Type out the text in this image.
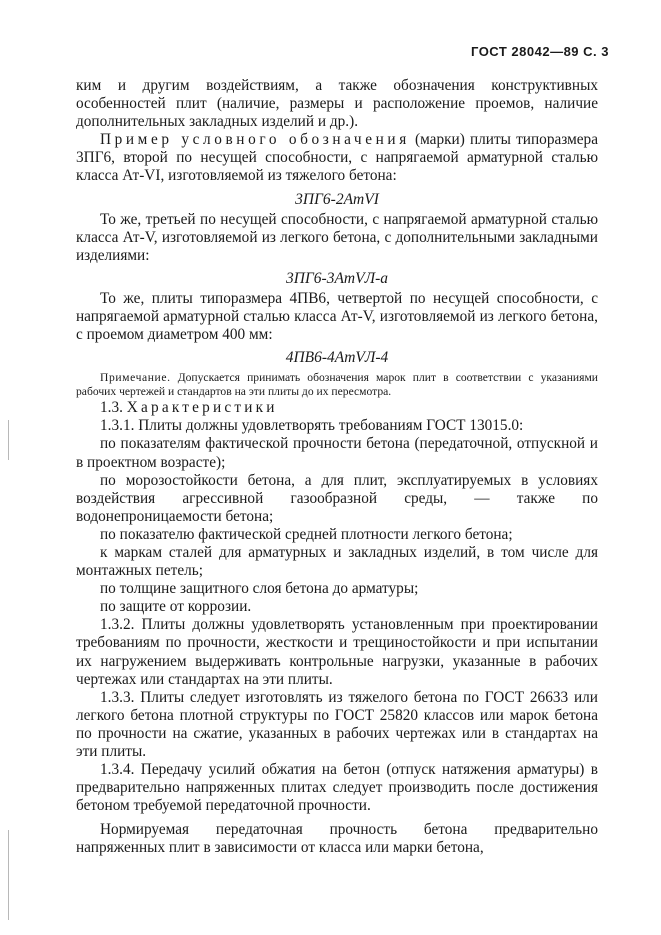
ГОСТ 28042—89 С. 3

ким и другим воздействиям, а также обозначения конструктивных особенностей плит (наличие, размеры и расположение проемов, наличие дополнительных закладных изделий и др.).

Пример условного обозначения (марки) плиты типоразмера 3ПГ6, второй по несущей способности, с напрягаемой арматурной сталью класса Ат-VI, изготовляемой из тяжелого бетона:

3ПГ6-2АтVI

То же, третьей по несущей способности, с напрягаемой арматурной сталью класса Ат-V, изготовляемой из легкого бетона, с дополнительными закладными изделиями:

3ПГ6-3АтVЛ-а

То же, плиты типоразмера 4ПВ6, четвертой по несущей способности, с напрягаемой арматурной сталью класса Ат-V, изготовляемой из легкого бетона, с проемом диаметром 400 мм:

4ПВ6-4АтVЛ-4

Примечание. Допускается принимать обозначения марок плит в соответствии с указаниями рабочих чертежей и стандартов на эти плиты до их пересмотра.

1.3. Характеристики

1.3.1. Плиты должны удовлетворять требованиям ГОСТ 13015.0:

по показателям фактической прочности бетона (передаточной, отпускной и в проектном возрасте);

по морозостойкости бетона, а для плит, эксплуатируемых в условиях воздействия агрессивной газообразной среды, — также по водонепроницаемости бетона;

по показателю фактической средней плотности легкого бетона;

к маркам сталей для арматурных и закладных изделий, в том числе для монтажных петель;

по толщине защитного слоя бетона до арматуры;

по защите от коррозии.

1.3.2. Плиты должны удовлетворять установленным при проектировании требованиям по прочности, жесткости и трещиностойкости и при испытании их нагружением выдерживать контрольные нагрузки, указанные в рабочих чертежах или стандартах на эти плиты.

1.3.3. Плиты следует изготовлять из тяжелого бетона по ГОСТ 26633 или легкого бетона плотной структуры по ГОСТ 25820 классов или марок бетона по прочности на сжатие, указанных в рабочих чертежах или в стандартах на эти плиты.

1.3.4. Передачу усилий обжатия на бетон (отпуск натяжения арматуры) в предварительно напряженных плитах следует производить после достижения бетоном требуемой передаточной прочности.

Нормируемая передаточная прочность бетона предварительно напряженных плит в зависимости от класса или марки бетона,
